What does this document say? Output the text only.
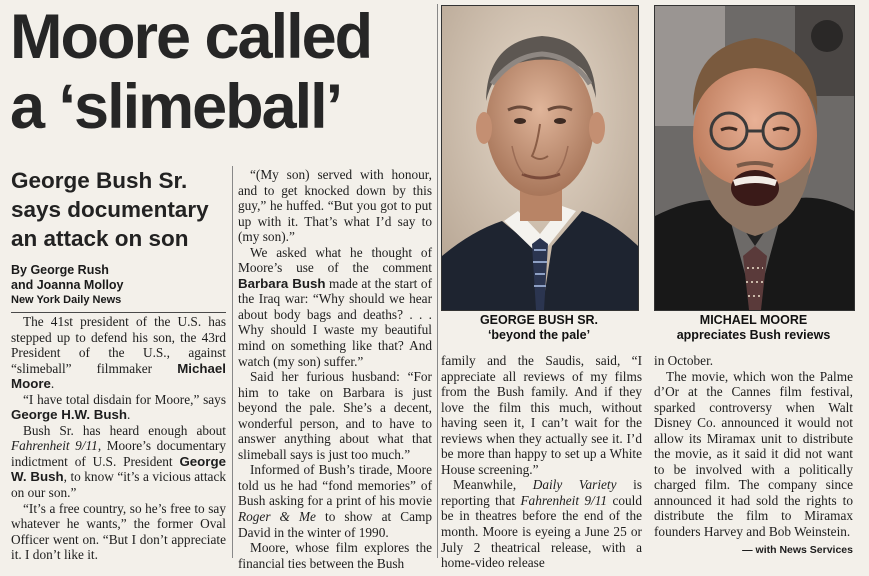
Moore called
a ‘slimeball’
George Bush Sr.
says documentary
an attack on son
By George Rush
and Joanna Molloy
New York Daily News

The 41st president of the U.S. has stepped up to defend his son, the 43rd President of the U.S., against “slimeball” filmmaker Michael Moore.

“I have total disdain for Moore,” says George H.W. Bush.

Bush Sr. has heard enough about Fahrenheit 9/11, Moore’s documentary indictment of U.S. President George W. Bush, to know “it’s a vicious attack on our son.”

“It’s a free country, so he’s free to say whatever he wants,” the former Oval Officer went on. “But I don’t appreciate it. I don’t like it.

“(My son) served with honour, and to get knocked down by this guy,” he huffed. “But you got to put up with it. That’s what I’d say to (my son).”

We asked what he thought of Moore’s use of the comment Barbara Bush made at the start of the Iraq war: “Why should we hear about body bags and deaths? . . . Why should I waste my beautiful mind on something like that? And watch (my son) suffer.”

Said her furious husband: “For him to take on Barbara is just beyond the pale. She’s a decent, wonderful person, and to have to answer anything about what that slimeball says is just too much.”

Informed of Bush’s tirade, Moore told us he had “fond memories” of Bush asking for a print of his movie Roger & Me to show at Camp David in the winter of 1990.

Moore, whose film explores the financial ties between the Bush

GEORGE BUSH SR.
‘beyond the pale’
MICHAEL MOORE
appreciates Bush reviews

family and the Saudis, said, “I appreciate all reviews of my films from the Bush family. And if they love the film this much, without having seen it, I can’t wait for the reviews when they actually see it. I’d be more than happy to set up a White House screening.”

Meanwhile, Daily Variety is reporting that Fahrenheit 9/11 could be in theatres before the end of the month. Moore is eyeing a June 25 or July 2 theatrical release, with a home-video release

in October.

The movie, which won the Palme d’Or at the Cannes film festival, sparked controversy when Walt Disney Co. announced it would not allow its Miramax unit to distribute the movie, as it said it did not want to be involved with a politically charged film. The company since announced it had sold the rights to distribute the film to Miramax founders Harvey and Bob Weinstein.

— with News Services
